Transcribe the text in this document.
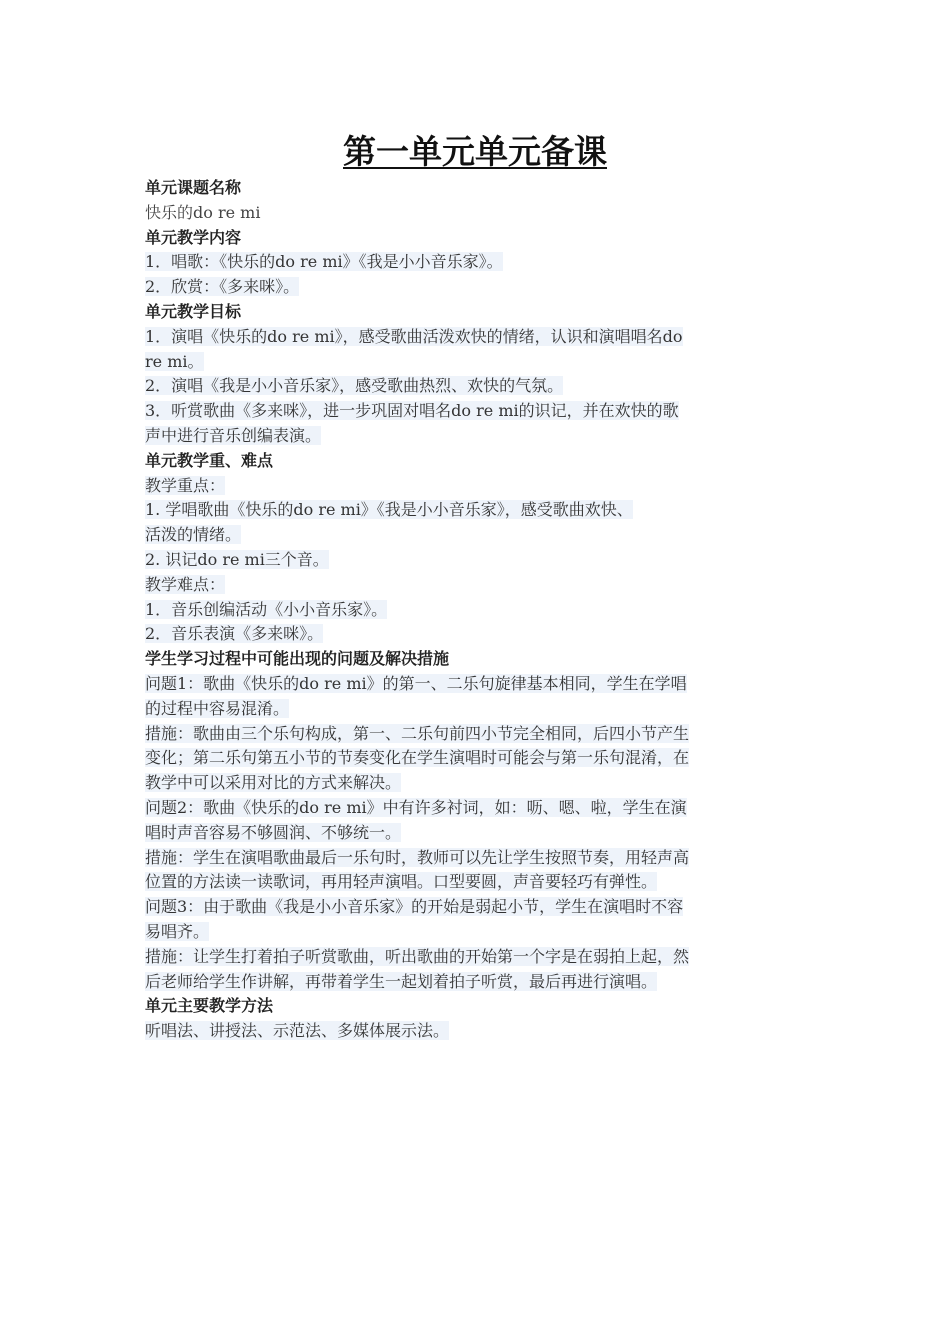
第一单元单元备课
单元课题名称
快乐的do re mi
单元教学内容
1．唱歌：《快乐的do re mi》《我是小小音乐家》。
2．欣赏：《多来咪》。
单元教学目标
1．演唱《快乐的do re mi》，感受歌曲活泼欢快的情绪，认识和演唱唱名do
re mi。
2．演唱《我是小小音乐家》，感受歌曲热烈、欢快的气氛。
3．听赏歌曲《多来咪》，进一步巩固对唱名do re mi的识记，并在欢快的歌
声中进行音乐创编表演。
单元教学重、难点
教学重点：
1. 学唱歌曲《快乐的do re mi》《我是小小音乐家》，感受歌曲欢快、
活泼的情绪。
2. 识记do re mi三个音。
教学难点：
1．音乐创编活动《小小音乐家》。
2．音乐表演《多来咪》。
学生学习过程中可能出现的问题及解决措施
问题1：歌曲《快乐的do re mi》的第一、二乐句旋律基本相同，学生在学唱
的过程中容易混淆。
措施：歌曲由三个乐句构成，第一、二乐句前四小节完全相同，后四小节产生
变化；第二乐句第五小节的节奏变化在学生演唱时可能会与第一乐句混淆，在
教学中可以采用对比的方式来解决。
问题2：歌曲《快乐的do re mi》中有许多衬词，如：呖、嗯、啦，学生在演
唱时声音容易不够圆润、不够统一。
措施：学生在演唱歌曲最后一乐句时，教师可以先让学生按照节奏，用轻声高
位置的方法读一读歌词，再用轻声演唱。口型要圆，声音要轻巧有弹性。
问题3：由于歌曲《我是小小音乐家》的开始是弱起小节，学生在演唱时不容
易唱齐。
措施：让学生打着拍子听赏歌曲，听出歌曲的开始第一个字是在弱拍上起，然
后老师给学生作讲解，再带着学生一起划着拍子听赏，最后再进行演唱。
单元主要教学方法
听唱法、讲授法、示范法、多媒体展示法。
